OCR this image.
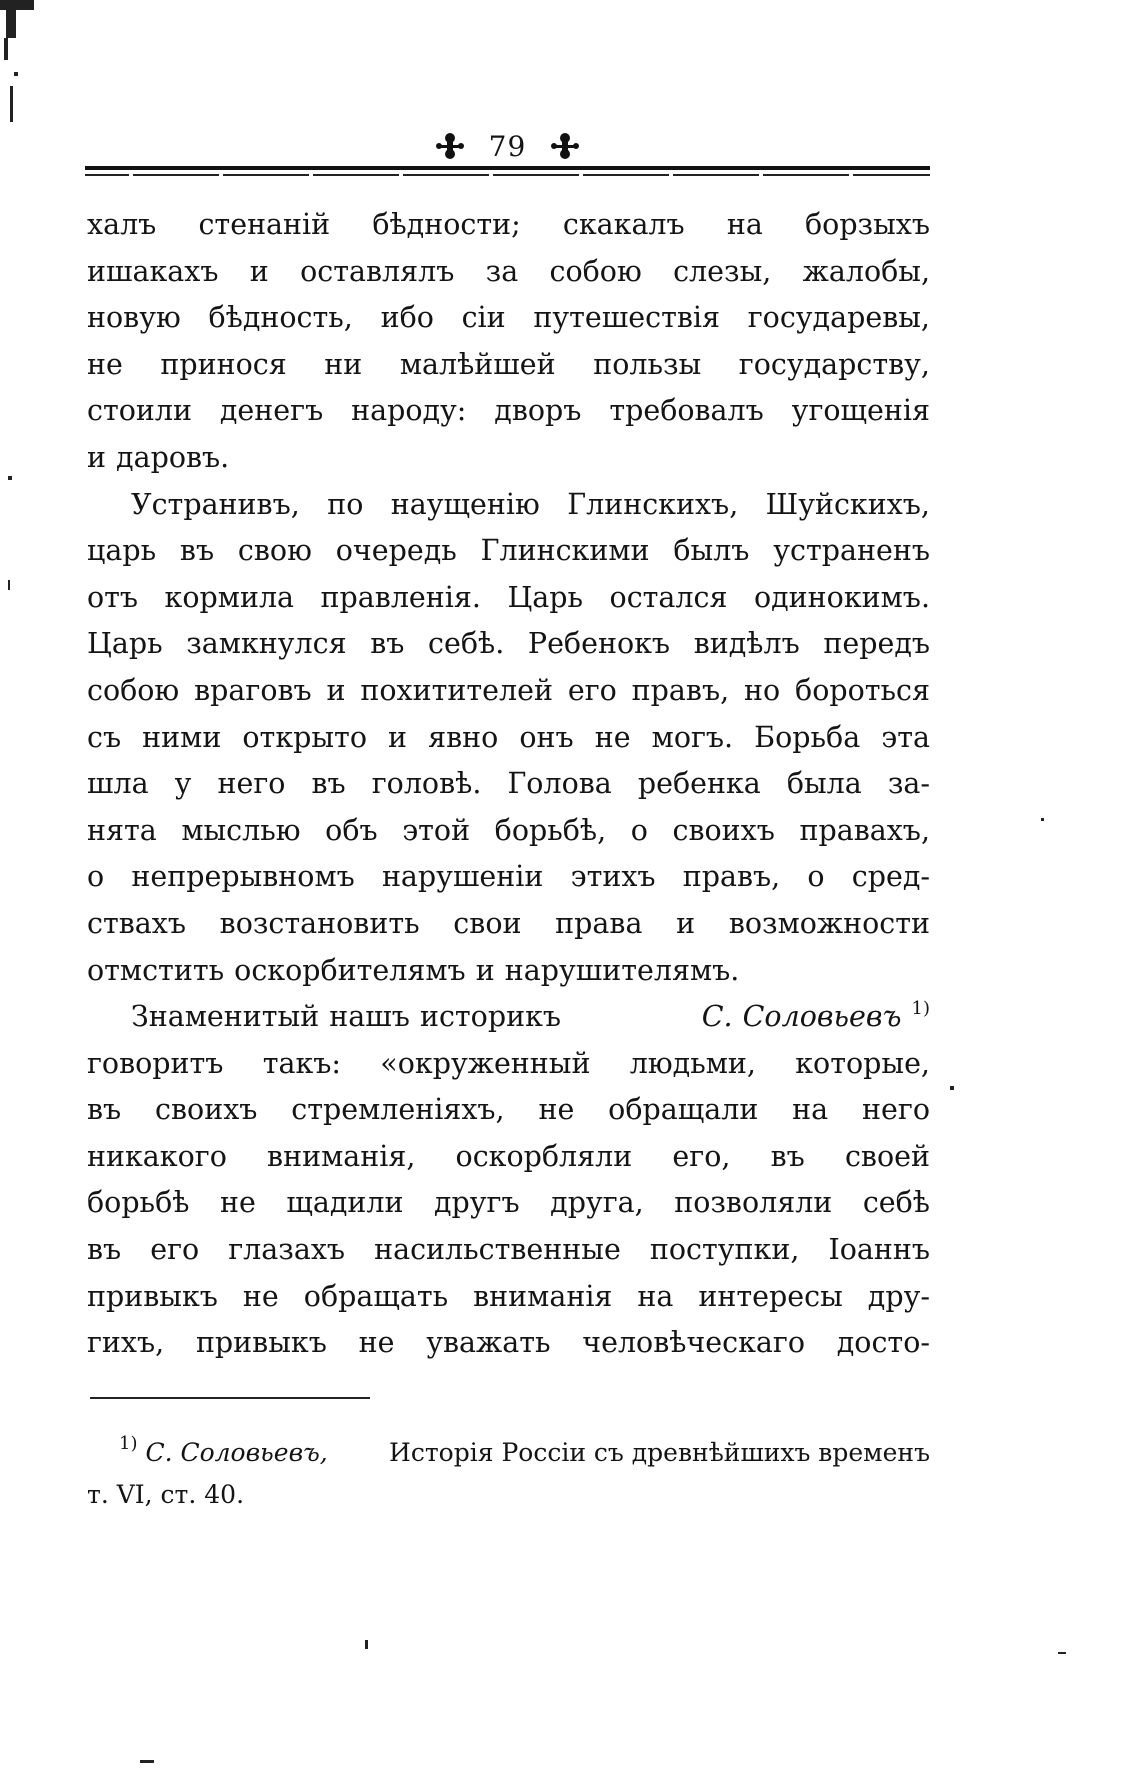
79
халъ стенаній бѣдности; скакалъ на борзыхъ
ишакахъ и оставлялъ за собою слезы, жалобы,
новую бѣдность, ибо сіи путешествія государевы,
не принося ни малѣйшей пользы государству,
стоили денегъ народу: дворъ требовалъ угощенія
и даровъ.
Устранивъ, по наущенію Глинскихъ, Шуйскихъ,
царь въ свою очередь Глинскими былъ устраненъ
отъ кормила правленія. Царь остался одинокимъ.
Царь замкнулся въ себѣ. Ребенокъ видѣлъ передъ
собою враговъ и похитителей его правъ, но бороться
съ ними открыто и явно онъ не могъ. Борьба эта
шла у него въ головѣ. Голова ребенка была за-
нята мыслью объ этой борьбѣ, о своихъ правахъ,
о непрерывномъ нарушеніи этихъ правъ, о сред-
ствахъ возстановить свои права и возможности
отмстить оскорбителямъ и нарушителямъ.
Знаменитый нашъ историкъ	С. Соловьевъ $^{1)}$
говоритъ такъ: «окруженный людьми, которые,
въ своихъ стремленіяхъ, не обращали на него
никакого вниманія, оскорбляли его, въ своей
борьбѣ не щадили другъ друга, позволяли себѣ
въ его глазахъ насильственные поступки, Іоаннъ
привыкъ не обращать вниманія на интересы дру-
гихъ, привыкъ не уважать человѣческаго досто-
$^{1)}$ С. Соловьевъ, Исторія Россіи съ древнѣйшихъ временъ
т. VI, ст. 40.
